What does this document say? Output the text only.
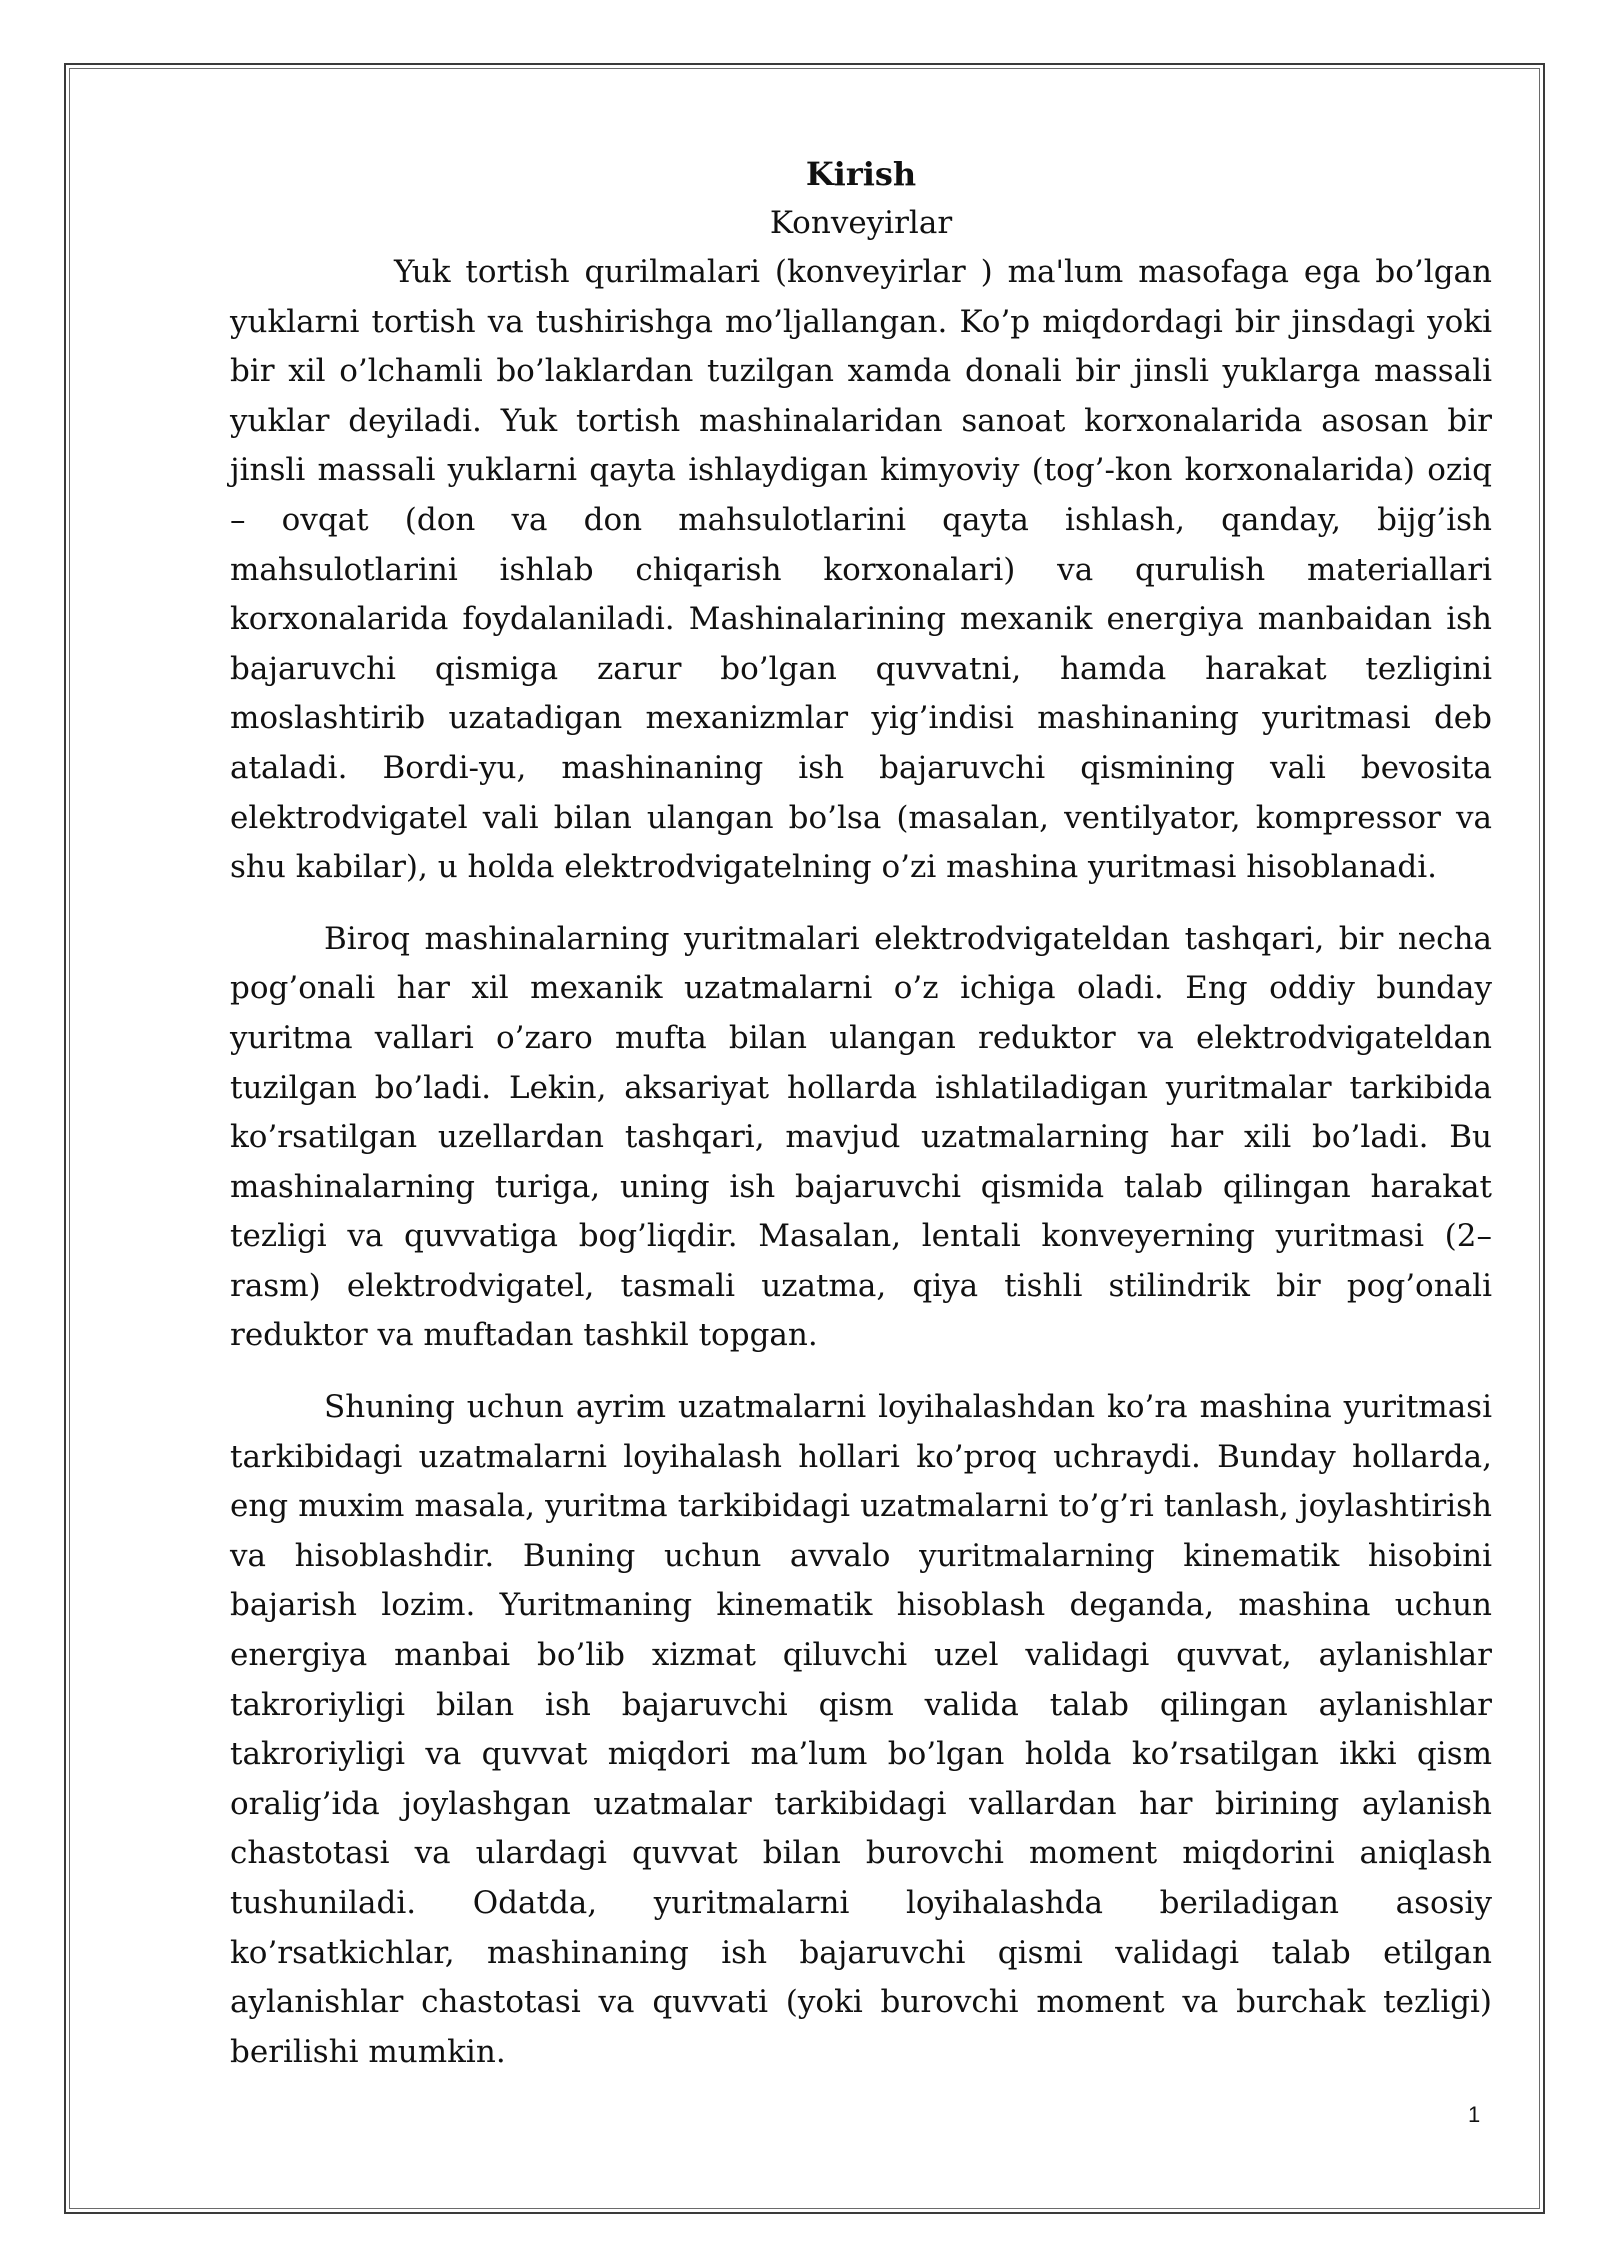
Kirish
Konveyirlar

Yuk tortish qurilmalari (konveyirlar ) ma'lum masofaga ega bo’lgan yuklarni tortish va tushirishga mo’ljallangan. Ko’p miqdordagi bir jinsdagi yoki bir xil o’lchamli bo’laklardan tuzilgan xamda donali bir jinsli yuklarga massali yuklar deyiladi. Yuk tortish mashinalaridan sanoat korxonalarida asosan bir jinsli massali yuklarni qayta ishlaydigan kimyoviy (tog’-kon korxonalarida) oziq – ovqat (don va don mahsulotlarini qayta ishlash, qanday, bijg’ish mahsulotlarini ishlab chiqarish korxonalari) va qurulish materiallari korxonalarida foydalaniladi. Mashinalarining mexanik energiya manbaidan ish bajaruvchi qismiga zarur bo’lgan quvvatni, hamda harakat tezligini moslashtirib uzatadigan mexanizmlar yig’indisi mashinaning yuritmasi deb ataladi. Bordi-yu, mashinaning ish bajaruvchi qismining vali bevosita elektrodvigatel vali bilan ulangan bo’lsa (masalan, ventilyator, kompressor va shu kabilar), u holda elektrodvigatelning o’zi mashina yuritmasi hisoblanadi.

Biroq mashinalarning yuritmalari elektrodvigateldan tashqari, bir necha pog’onali har xil mexanik uzatmalarni o’z ichiga oladi. Eng oddiy bunday yuritma vallari o’zaro mufta bilan ulangan reduktor va elektrodvigateldan tuzilgan bo’ladi. Lekin, aksariyat hollarda ishlatiladigan yuritmalar tarkibida ko’rsatilgan uzellardan tashqari, mavjud uzatmalarning har xili bo’ladi. Bu mashinalarning turiga, uning ish bajaruvchi qismida talab qilingan harakat tezligi va quvvatiga bog’liqdir. Masalan, lentali konveyerning yuritmasi (2–rasm) elektrodvigatel, tasmali uzatma, qiya tishli stilindrik bir pog’onali reduktor va muftadan tashkil topgan.

Shuning uchun ayrim uzatmalarni loyihalashdan ko’ra mashina yuritmasi tarkibidagi uzatmalarni loyihalash hollari ko’proq uchraydi. Bunday hollarda, eng muxim masala, yuritma tarkibidagi uzatmalarni to’g’ri tanlash, joylashtirish va hisoblashdir. Buning uchun avvalo yuritmalarning kinematik hisobini bajarish lozim. Yuritmaning kinematik hisoblash deganda, mashina uchun energiya manbai bo’lib xizmat qiluvchi uzel validagi quvvat, aylanishlar takroriyligi bilan ish bajaruvchi qism valida talab qilingan aylanishlar takroriyligi va quvvat miqdori ma’lum bo’lgan holda ko’rsatilgan ikki qism oralig’ida joylashgan uzatmalar tarkibidagi vallardan har birining aylanish chastotasi va ulardagi quvvat bilan burovchi moment miqdorini aniqlash tushuniladi. Odatda, yuritmalarni loyihalashda beriladigan asosiy ko’rsatkichlar, mashinaning ish bajaruvchi qismi validagi talab etilgan aylanishlar chastotasi va quvvati (yoki burovchi moment va burchak tezligi) berilishi mumkin.

1
